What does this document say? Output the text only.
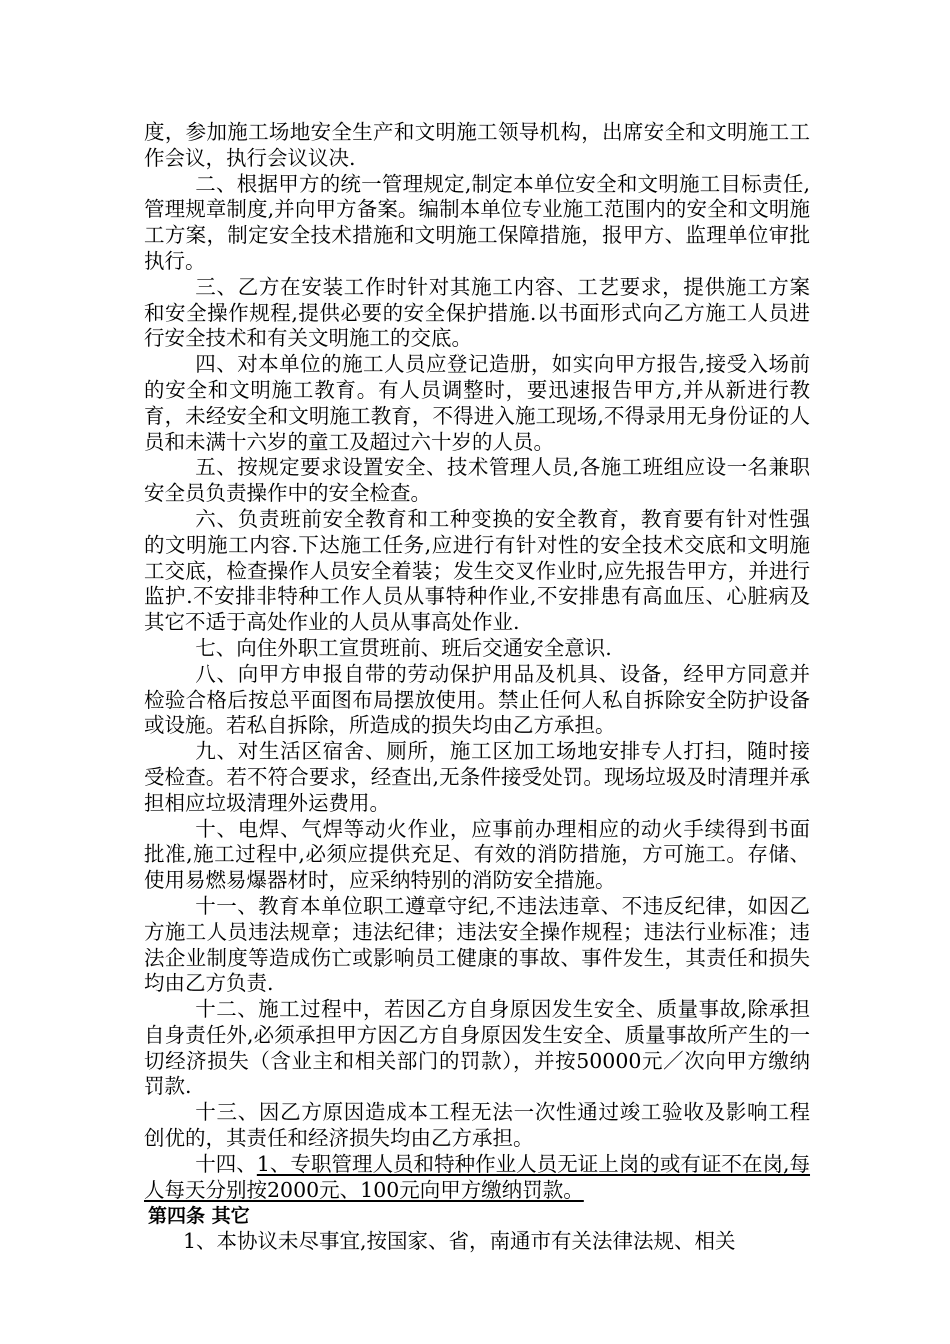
度，参加施工场地安全生产和文明施工领导机构，出席安全和文明施工工作会议，执行会议议决.

二、根据甲方的统一管理规定,制定本单位安全和文明施工目标责任,管理规章制度,并向甲方备案。编制本单位专业施工范围内的安全和文明施工方案，制定安全技术措施和文明施工保障措施，报甲方、监理单位审批执行。

三、乙方在安装工作时针对其施工内容、工艺要求，提供施工方案和安全操作规程,提供必要的安全保护措施.以书面形式向乙方施工人员进行安全技术和有关文明施工的交底。

四、对本单位的施工人员应登记造册，如实向甲方报告,接受入场前的安全和文明施工教育。有人员调整时，要迅速报告甲方,并从新进行教育，未经安全和文明施工教育，不得进入施工现场,不得录用无身份证的人员和未满十六岁的童工及超过六十岁的人员。

五、按规定要求设置安全、技术管理人员,各施工班组应设一名兼职安全员负责操作中的安全检查。

六、负责班前安全教育和工种变换的安全教育，教育要有针对性强的文明施工内容.下达施工任务,应进行有针对性的安全技术交底和文明施工交底，检查操作人员安全着装；发生交叉作业时,应先报告甲方，并进行监护.不安排非特种工作人员从事特种作业,不安排患有高血压、心脏病及其它不适于高处作业的人员从事高处作业.

七、向住外职工宣贯班前、班后交通安全意识.

八、向甲方申报自带的劳动保护用品及机具、设备，经甲方同意并检验合格后按总平面图布局摆放使用。禁止任何人私自拆除安全防护设备或设施。若私自拆除，所造成的损失均由乙方承担。

九、对生活区宿舍、厕所，施工区加工场地安排专人打扫，随时接受检查。若不符合要求，经查出,无条件接受处罚。现场垃圾及时清理并承担相应垃圾清理外运费用。

十、电焊、气焊等动火作业，应事前办理相应的动火手续得到书面批准,施工过程中,必须应提供充足、有效的消防措施，方可施工。存储、使用易燃易爆器材时，应采纳特别的消防安全措施。

十一、教育本单位职工遵章守纪,不违法违章、不违反纪律，如因乙方施工人员违法规章；违法纪律；违法安全操作规程；违法行业标准；违法企业制度等造成伤亡或影响员工健康的事故、事件发生，其责任和损失均由乙方负责.

十二、施工过程中，若因乙方自身原因发生安全、质量事故,除承担自身责任外,必须承担甲方因乙方自身原因发生安全、质量事故所产生的一切经济损失（含业主和相关部门的罚款），并按50000元／次向甲方缴纳罚款.

十三、因乙方原因造成本工程无法一次性通过竣工验收及影响工程创优的，其责任和经济损失均由乙方承担。

十四、1、专职管理人员和特种作业人员无证上岗的或有证不在岗,每人每天分别按2000元、100元向甲方缴纳罚款。

第四条 其它

1、本协议未尽事宜,按国家、省，南通市有关法律法规、相关
